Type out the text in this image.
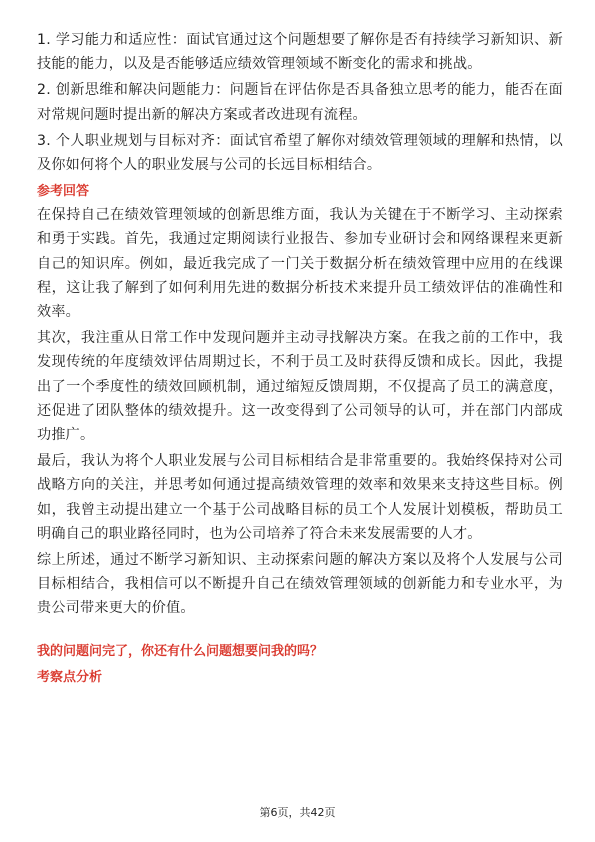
1. 学习能力和适应性：面试官通过这个问题想要了解你是否有持续学习新知识、新技能的能力，以及是否能够适应绩效管理领域不断变化的需求和挑战。

2. 创新思维和解决问题能力：问题旨在评估你是否具备独立思考的能力，能否在面对常规问题时提出新的解决方案或者改进现有流程。

3. 个人职业规划与目标对齐：面试官希望了解你对绩效管理领域的理解和热情，以及你如何将个人的职业发展与公司的长远目标相结合。

参考回答

在保持自己在绩效管理领域的创新思维方面，我认为关键在于不断学习、主动探索和勇于实践。首先，我通过定期阅读行业报告、参加专业研讨会和网络课程来更新自己的知识库。例如，最近我完成了一门关于数据分析在绩效管理中应用的在线课程，这让我了解到了如何利用先进的数据分析技术来提升员工绩效评估的准确性和效率。

其次，我注重从日常工作中发现问题并主动寻找解决方案。在我之前的工作中，我发现传统的年度绩效评估周期过长，不利于员工及时获得反馈和成长。因此，我提出了一个季度性的绩效回顾机制，通过缩短反馈周期，不仅提高了员工的满意度，还促进了团队整体的绩效提升。这一改变得到了公司领导的认可，并在部门内部成功推广。

最后，我认为将个人职业发展与公司目标相结合是非常重要的。我始终保持对公司战略方向的关注，并思考如何通过提高绩效管理的效率和效果来支持这些目标。例如，我曾主动提出建立一个基于公司战略目标的员工个人发展计划模板，帮助员工明确自己的职业路径同时，也为公司培养了符合未来发展需要的人才。

综上所述，通过不断学习新知识、主动探索问题的解决方案以及将个人发展与公司目标相结合，我相信可以不断提升自己在绩效管理领域的创新能力和专业水平，为贵公司带来更大的价值。

我的问题问完了，你还有什么问题想要问我的吗？

考察点分析

第6页，共42页
